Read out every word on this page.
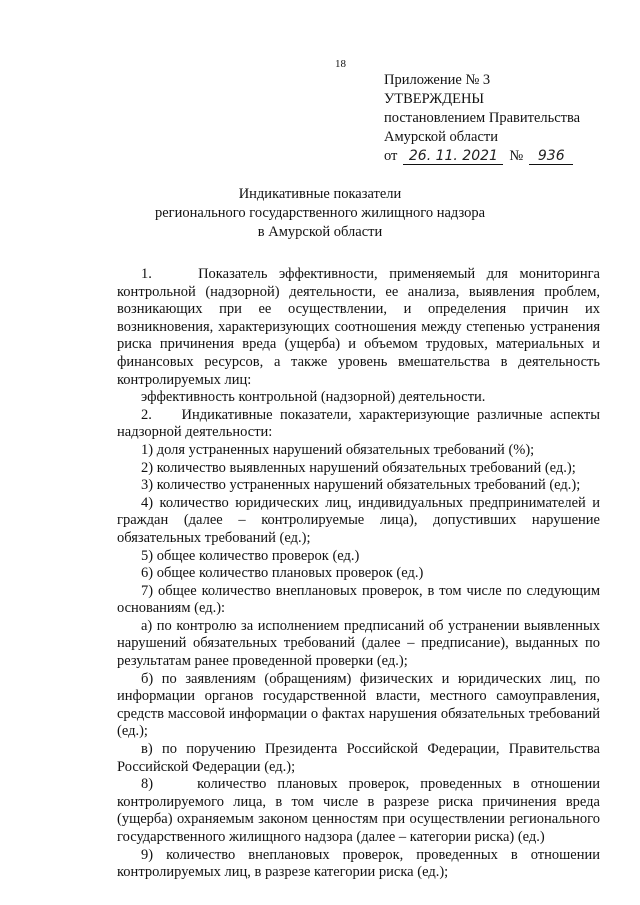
18
Приложение № 3
УТВЕРЖДЕНЫ
постановлением Правительства
Амурской области
от 26. 11. 2021 №	936
Индикативные показатели
регионального государственного жилищного надзора
в Амурской области

1.    Показатель эффективности, применяемый для мониторинга контрольной (надзорной) деятельности, ее анализа, выявления проблем, возникающих при ее осуществлении, и определения причин их возникновения, характеризующих соотношения между степенью устранения риска причинения вреда (ущерба) и объемом трудовых, материальных и финансовых ресурсов, а также уровень вмешательства в деятельность контролируемых лиц:

эффективность контрольной (надзорной) деятельности.

2.    Индикативные показатели, характеризующие различные аспекты надзорной деятельности:

1) доля устраненных нарушений обязательных требований (%);

2) количество выявленных нарушений обязательных требований (ед.);

3) количество устраненных нарушений обязательных требований (ед.);

4) количество юридических лиц, индивидуальных предпринимателей и граждан (далее – контролируемые лица), допустивших нарушение обязательных требований (ед.);

5) общее количество проверок (ед.)

6) общее количество плановых проверок (ед.)

7) общее количество внеплановых проверок, в том числе по следующим основаниям (ед.):

а) по контролю за исполнением предписаний об устранении выявленных нарушений обязательных требований (далее – предписание), выданных по результатам ранее проведенной проверки (ед.);

б) по заявлениям (обращениям) физических и юридических лиц, по информации органов государственной власти, местного самоуправления, средств массовой информации о фактах нарушения обязательных требований (ед.);

в) по поручению Президента Российской Федерации, Правительства Российской Федерации (ед.);

8)    количество плановых проверок, проведенных в отношении контролируемого лица, в том числе в разрезе риска причинения вреда (ущерба) охраняемым законом ценностям при осуществлении регионального государственного жилищного надзора (далее – категории риска) (ед.)

9) количество внеплановых проверок, проведенных в отношении контролируемых лиц, в разрезе категории риска (ед.);
